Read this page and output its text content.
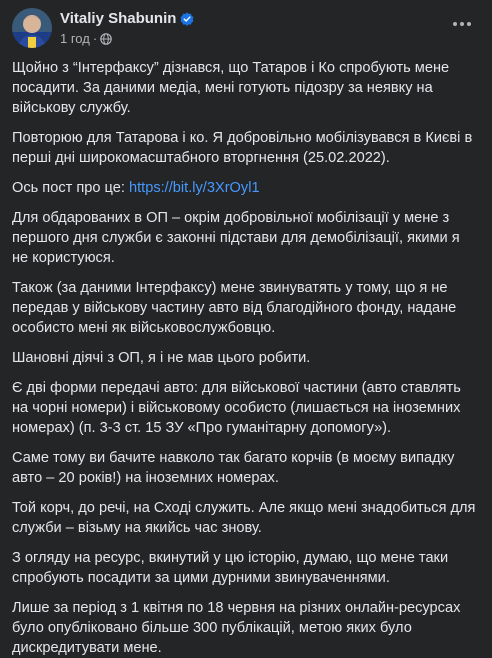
Vitaliy Shabunin
1 год ·

Щойно з “Інтерфаксу” дізнався, що Татаров і Ко спробують мене посадити. За даними медіа, мені готують підозру за неявку на військову службу.

Повторюю для Татарова і ко. Я добровільно мобілізувався в Києві в перші дні широкомасштабного вторгнення (25.02.2022).

Ось пост про це: https://bit.ly/3XrOyl1

Для обдарованих в ОП – окрім добровільної мобілізації у мене з першого дня служби є законні підстави для демобілізації, якими я не користуюся.

Також (за даними Інтерфаксу) мене звинуватять у тому, що я не передав у військову частину авто від благодійного фонду, надане особисто мені як військовослужбовцю.

Шановні діячі з ОП, я і не мав цього робити.

Є дві форми передачі авто: для військової частини (авто ставлять на чорні номери) і військовому особисто (лишається на іноземних номерах) (п. 3-3 ст. 15 ЗУ «Про гуманітарну допомогу»).

Саме тому ви бачите навколо так багато корчів (в моєму випадку авто – 20 років!) на іноземних номерах.

Той корч, до речі, на Сході служить. Але якщо мені знадобиться для служби – візьму на якийсь час знову.

З огляду на ресурс, вкинутий у цю історію, думаю, що мене таки спробують посадити за цими дурними звинуваченнями.

Лише за період з 1 квітня по 18 червня на різних онлайн-ресурсах було опубліковано більше 300 публікацій, метою яких було дискредитувати мене.
